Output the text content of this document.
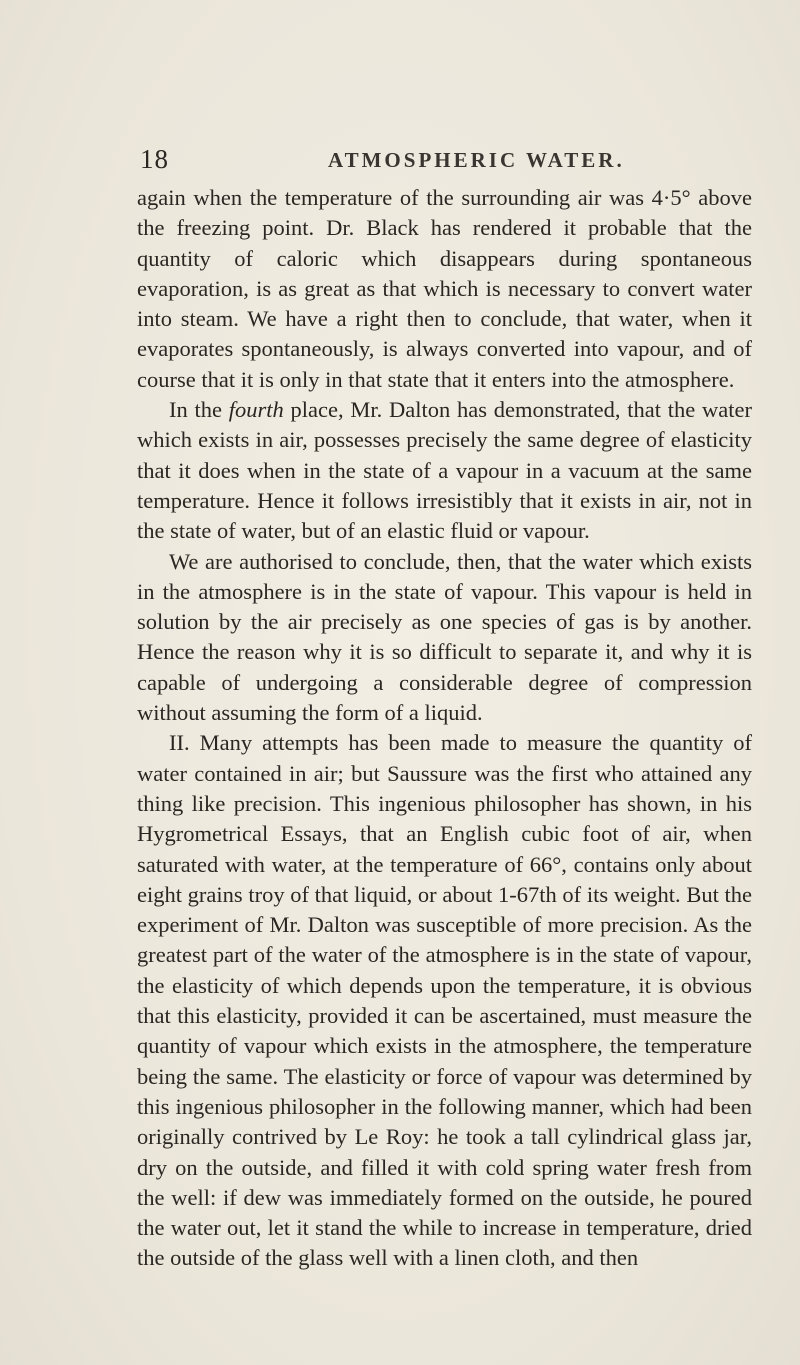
18	ATMOSPHERIC WATER.

again when the temperature of the surrounding air was 4·5° above the freezing point. Dr. Black has rendered it probable that the quantity of caloric which disappears during spontaneous evaporation, is as great as that which is necessary to convert water into steam. We have a right then to conclude, that water, when it evaporates spontaneously, is always converted into vapour, and of course that it is only in that state that it enters into the atmosphere.

In the fourth place, Mr. Dalton has demonstrated, that the water which exists in air, possesses precisely the same degree of elasticity that it does when in the state of a vapour in a vacuum at the same temperature. Hence it follows irresistibly that it exists in air, not in the state of water, but of an elastic fluid or vapour.

We are authorised to conclude, then, that the water which exists in the atmosphere is in the state of vapour. This vapour is held in solution by the air precisely as one species of gas is by another. Hence the reason why it is so difficult to separate it, and why it is capable of undergoing a considerable degree of compression without assuming the form of a liquid.

II. Many attempts has been made to measure the quantity of water contained in air; but Saussure was the first who attained any thing like precision. This ingenious philosopher has shown, in his Hygrometrical Essays, that an English cubic foot of air, when saturated with water, at the temperature of 66°, contains only about eight grains troy of that liquid, or about 1-67th of its weight. But the experiment of Mr. Dalton was susceptible of more precision. As the greatest part of the water of the atmosphere is in the state of vapour, the elasticity of which depends upon the temperature, it is obvious that this elasticity, provided it can be ascertained, must measure the quantity of vapour which exists in the atmosphere, the temperature being the same. The elasticity or force of vapour was determined by this ingenious philosopher in the following manner, which had been originally contrived by Le Roy: he took a tall cylindrical glass jar, dry on the outside, and filled it with cold spring water fresh from the well: if dew was immediately formed on the outside, he poured the water out, let it stand the while to increase in temperature, dried the outside of the glass well with a linen cloth, and then
